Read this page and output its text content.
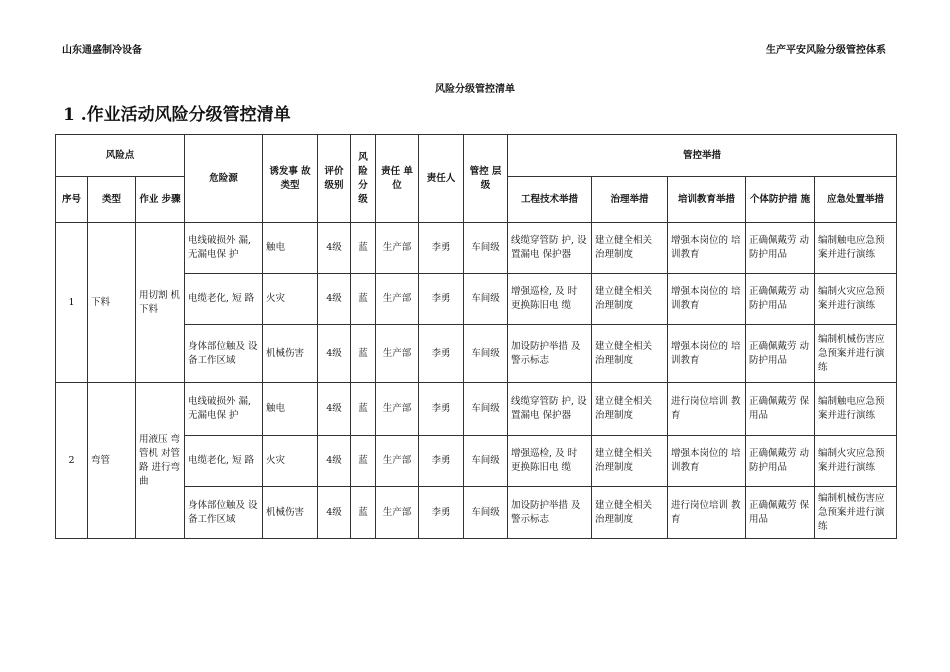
山东通盛制冷设备	生产平安风险分级管控体系
风险分级管控清单
1 .作业活动风险分级管控清单
风险点			危险源	诱发事 故类型	评价 级别	风险分级	责任 单位	责任人	管控 层级	管控举措				
序号	类型	作业 步骤								工程技术举措	治理举措	培训教育举措	个体防护措 施	应急处置举措
1	下料	用切割 机 下料	电线破损外 漏, 无漏电保 护	触电	4级	蓝	生产部	李勇	车间级	线缆穿管防 护, 设置漏电 保护器	建立健全相关 治理制度	增强本岗位的 培训教育	正确佩戴劳 动防护用品	编制触电应急预 案并进行演练
			电缆老化, 短 路	火灾	4级	蓝	生产部	李勇	车间级	增强巡检, 及 时 更换陈旧电 缆	建立健全相关 治理制度	增强本岗位的 培训教育	正确佩戴劳 动防护用品	编制火灾应急预 案并进行演练
			身体部位触及 设备工作区域	机械伤害	4级	蓝	生产部	李勇	车间级	加设防护举措 及 警示标志	建立健全相关 治理制度	增强本岗位的 培训教育	正确佩戴劳 动防护用品	编制机械伤害应 急预案并进行演 练
2	弯管	用液压 弯 管机 对管 路 进行弯 曲	电线破损外 漏, 无漏电保 护	触电	4级	蓝	生产部	李勇	车间级	线缆穿管防 护, 设置漏电 保护器	建立健全相关 治理制度	进行岗位培训 教育	正确佩戴劳 保用品	编制触电应急预 案并进行演练
			电缆老化, 短 路	火灾	4级	蓝	生产部	李勇	车间级	增强巡检, 及 时 更换陈旧电 缆	建立健全相关 治理制度	增强本岗位的 培训教育	正确佩戴劳 动防护用品	编制火灾应急预 案并进行演练
			身体部位触及 设备工作区域	机械伤害	4级	蓝	生产部	李勇	车间级	加设防护举措 及 警示标志	建立健全相关 治理制度	进行岗位培训 教育	正确佩戴劳 保用品	编制机械伤害应 急预案并进行演 练
